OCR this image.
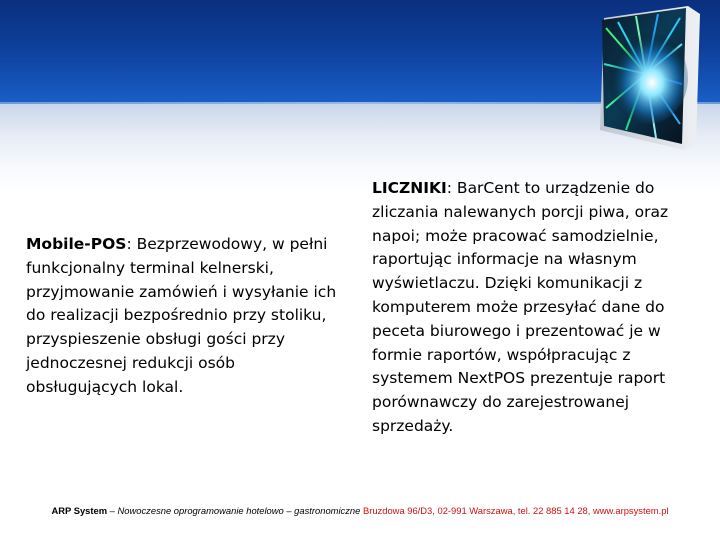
Mobile-POS: Bezprzewodowy, w pełni funkcjonalny terminal kelnerski, przyjmowanie zamówień i wysyłanie ich do realizacji bezpośrednio przy stoliku, przyspieszenie obsługi gości przy jednoczesnej redukcji osób obsługujących lokal.
LICZNIKI: BarCent to urządzenie do zliczania nalewanych porcji piwa, oraz napoi; może pracować samodzielnie, raportując informacje na własnym wyświetlaczu. Dzięki komunikacji z komputerem może przesyłać dane do peceta biurowego i prezentować je w formie raportów, współpracując z systemem NextPOS prezentuje raport porównawczy do zarejestrowanej sprzedaży.
ARP System – Nowoczesne oprogramowanie hotelowo – gastronomiczne Bruzdowa 96/D3, 02-991 Warszawa, tel. 22 885 14 28, www.arpsystem.pl
